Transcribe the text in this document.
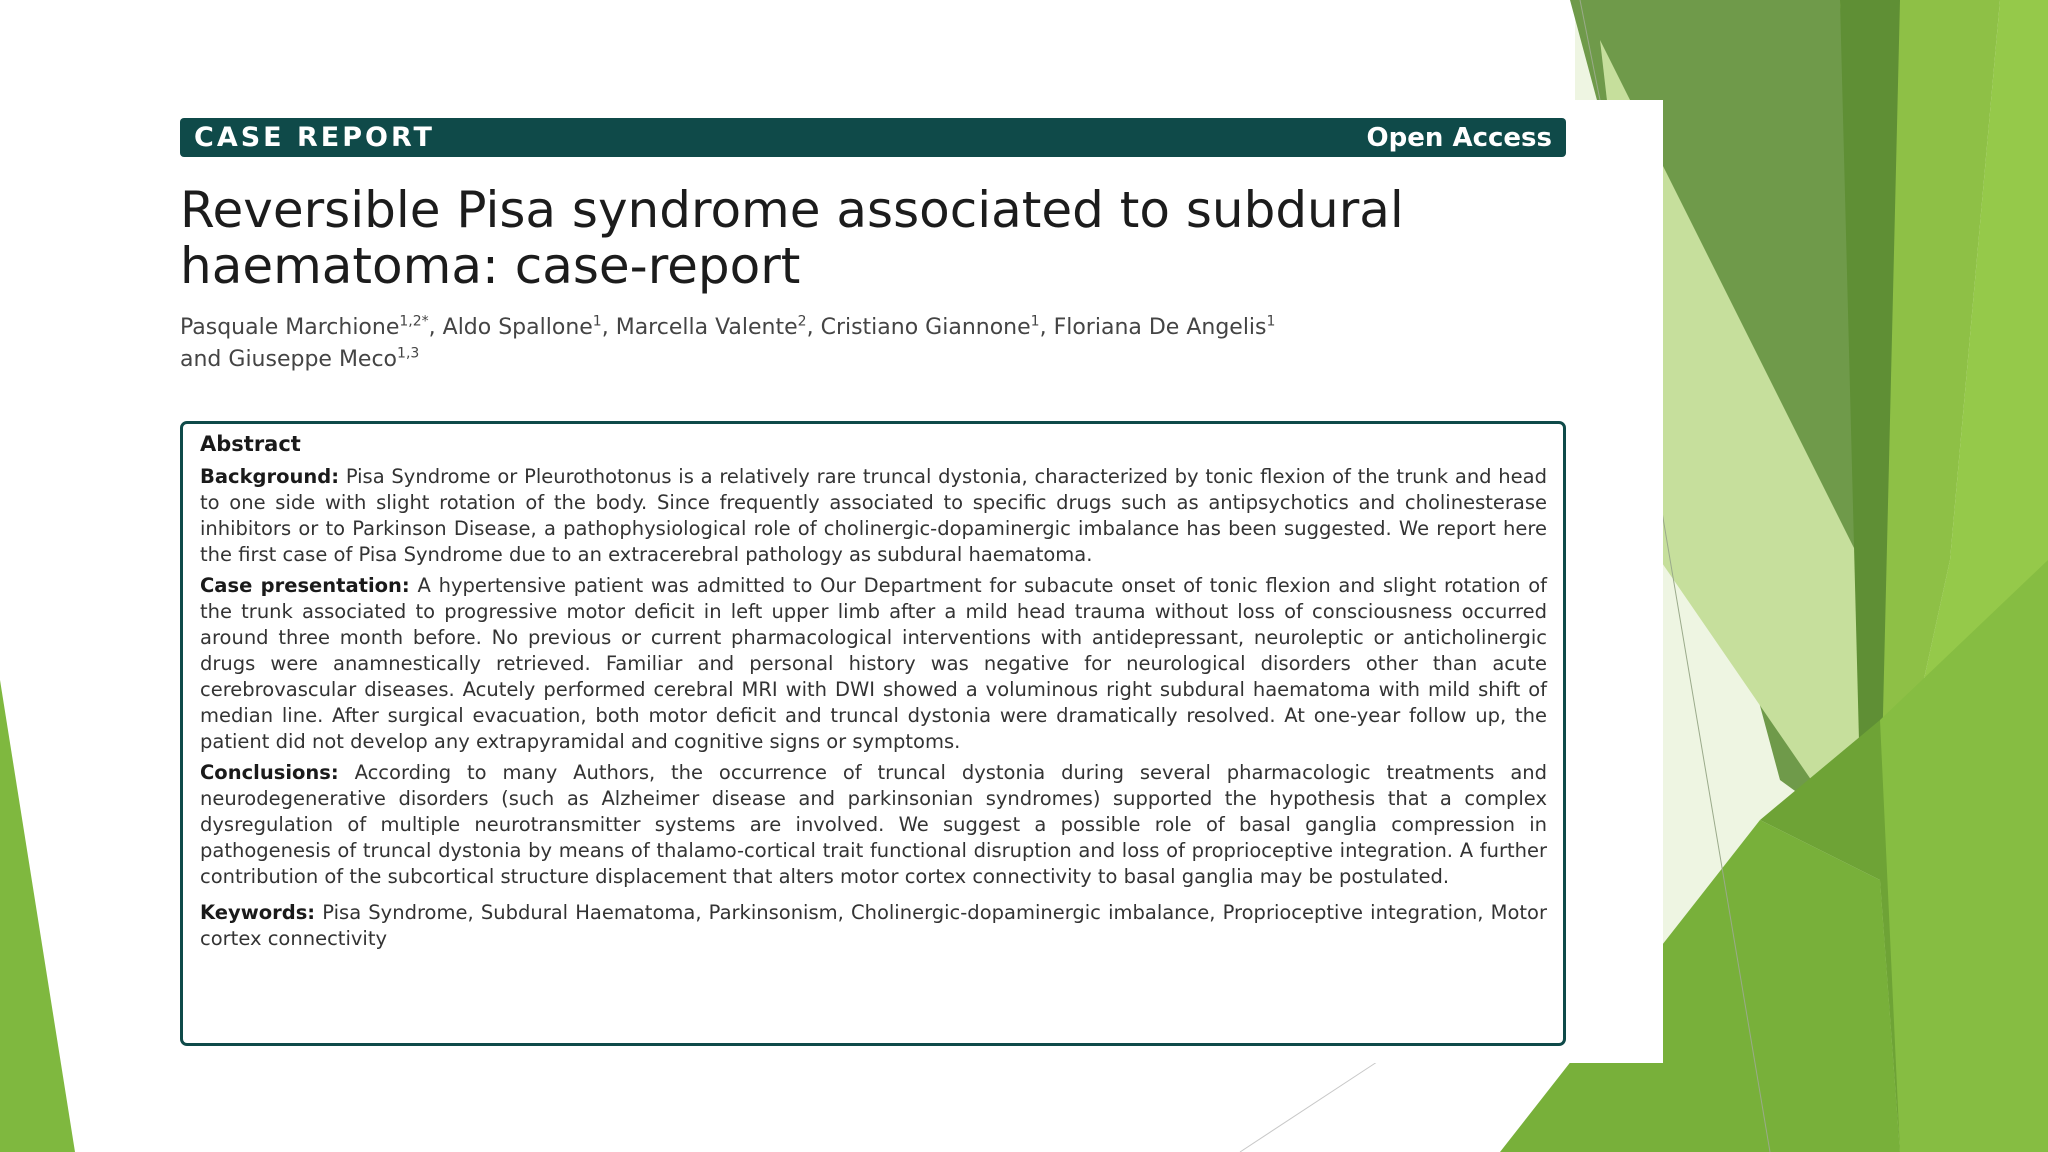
CASE REPORT	Open Access
Reversible Pisa syndrome associated to subdural haematoma: case-report
Pasquale Marchione$^{1,2*}$, Aldo Spallone$^1$, Marcella Valente$^2$, Cristiano Giannone$^1$, Floriana De Angelis$^1$
and Giuseppe Meco$^{1,3}$
Abstract

Background: Pisa Syndrome or Pleurothotonus is a relatively rare truncal dystonia, characterized by tonic flexion of the trunk and head to one side with slight rotation of the body. Since frequently associated to specific drugs such as antipsychotics and cholinesterase inhibitors or to Parkinson Disease, a pathophysiological role of cholinergic-dopaminergic imbalance has been suggested. We report here the first case of Pisa Syndrome due to an extracerebral pathology as subdural haematoma.

Case presentation: A hypertensive patient was admitted to Our Department for subacute onset of tonic flexion and slight rotation of the trunk associated to progressive motor deficit in left upper limb after a mild head trauma without loss of consciousness occurred around three month before. No previous or current pharmacological interventions with antidepressant, neuroleptic or anticholinergic drugs were anamnestically retrieved. Familiar and personal history was negative for neurological disorders other than acute cerebrovascular diseases. Acutely performed cerebral MRI with DWI showed a voluminous right subdural haematoma with mild shift of median line. After surgical evacuation, both motor deficit and truncal dystonia were dramatically resolved. At one-year follow up, the patient did not develop any extrapyramidal and cognitive signs or symptoms.

Conclusions: According to many Authors, the occurrence of truncal dystonia during several pharmacologic treatments and neurodegenerative disorders (such as Alzheimer disease and parkinsonian syndromes) supported the hypothesis that a complex dysregulation of multiple neurotransmitter systems are involved. We suggest a possible role of basal ganglia compression in pathogenesis of truncal dystonia by means of thalamo-cortical trait functional disruption and loss of proprioceptive integration. A further contribution of the subcortical structure displacement that alters motor cortex connectivity to basal ganglia may be postulated.

Keywords: Pisa Syndrome, Subdural Haematoma, Parkinsonism, Cholinergic-dopaminergic imbalance, Proprioceptive integration, Motor cortex connectivity
